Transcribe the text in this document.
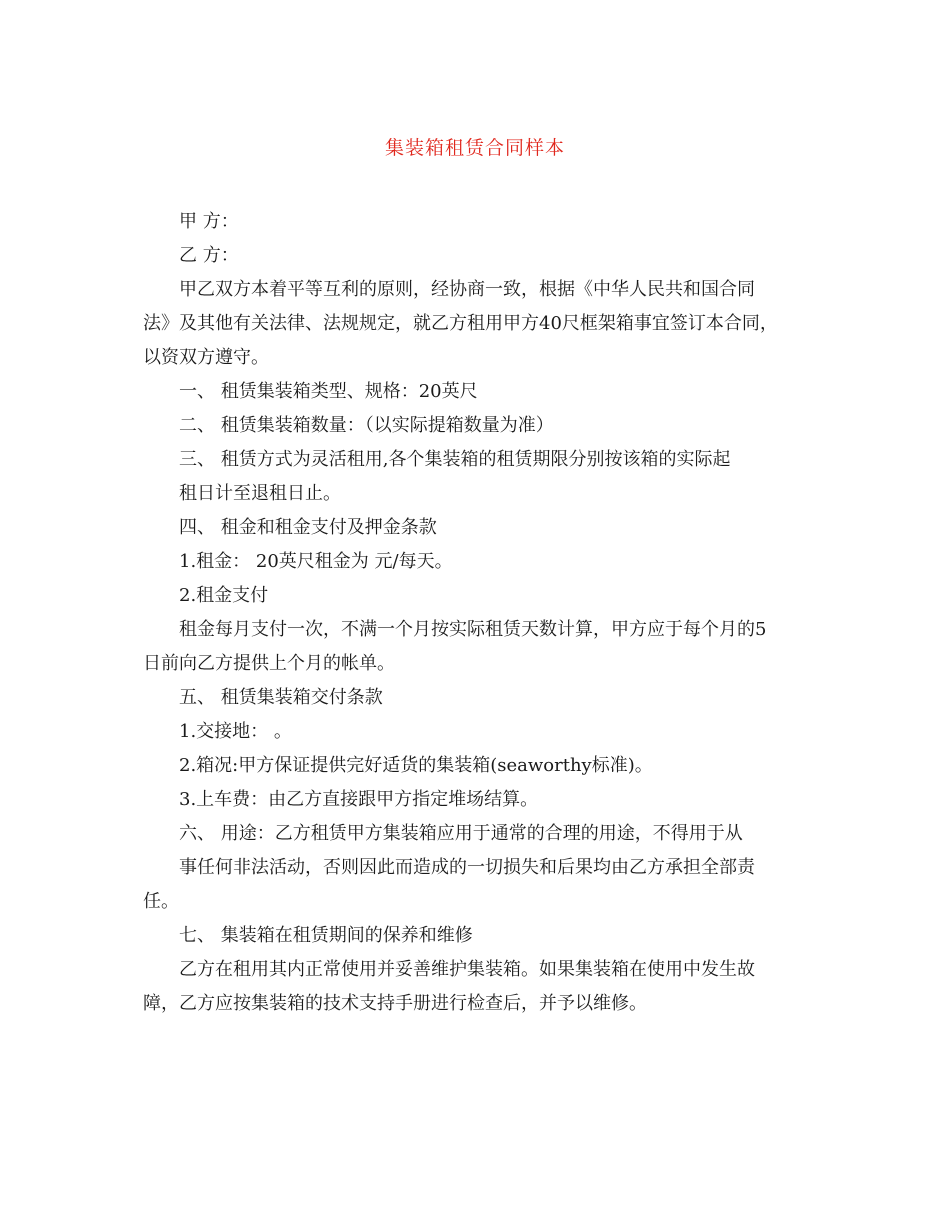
集装箱租赁合同样本

甲 方：

乙 方：

甲乙双方本着平等互利的原则，经协商一致，根据《中华人民共和国合同

法》及其他有关法律、法规规定，就乙方租用甲方40尺框架箱事宜签订本合同，

以资双方遵守。

一、 租赁集装箱类型、规格：20英尺

二、 租赁集装箱数量：（以实际提箱数量为准）

三、 租赁方式为灵活租用,各个集装箱的租赁期限分别按该箱的实际起

租日计至退租日止。

四、 租金和租金支付及押金条款

1.租金： 20英尺租金为 元/每天。

2.租金支付

租金每月支付一次，不满一个月按实际租赁天数计算，甲方应于每个月的5

日前向乙方提供上个月的帐单。

五、 租赁集装箱交付条款

1.交接地： 。

2.箱况:甲方保证提供完好适货的集装箱(seaworthy标准)。

3.上车费：由乙方直接跟甲方指定堆场结算。

六、 用途：乙方租赁甲方集装箱应用于通常的合理的用途，不得用于从

事任何非法活动，否则因此而造成的一切损失和后果均由乙方承担全部责

任。

七、 集装箱在租赁期间的保养和维修

乙方在租用其内正常使用并妥善维护集装箱。如果集装箱在使用中发生故

障，乙方应按集装箱的技术支持手册进行检查后，并予以维修。
